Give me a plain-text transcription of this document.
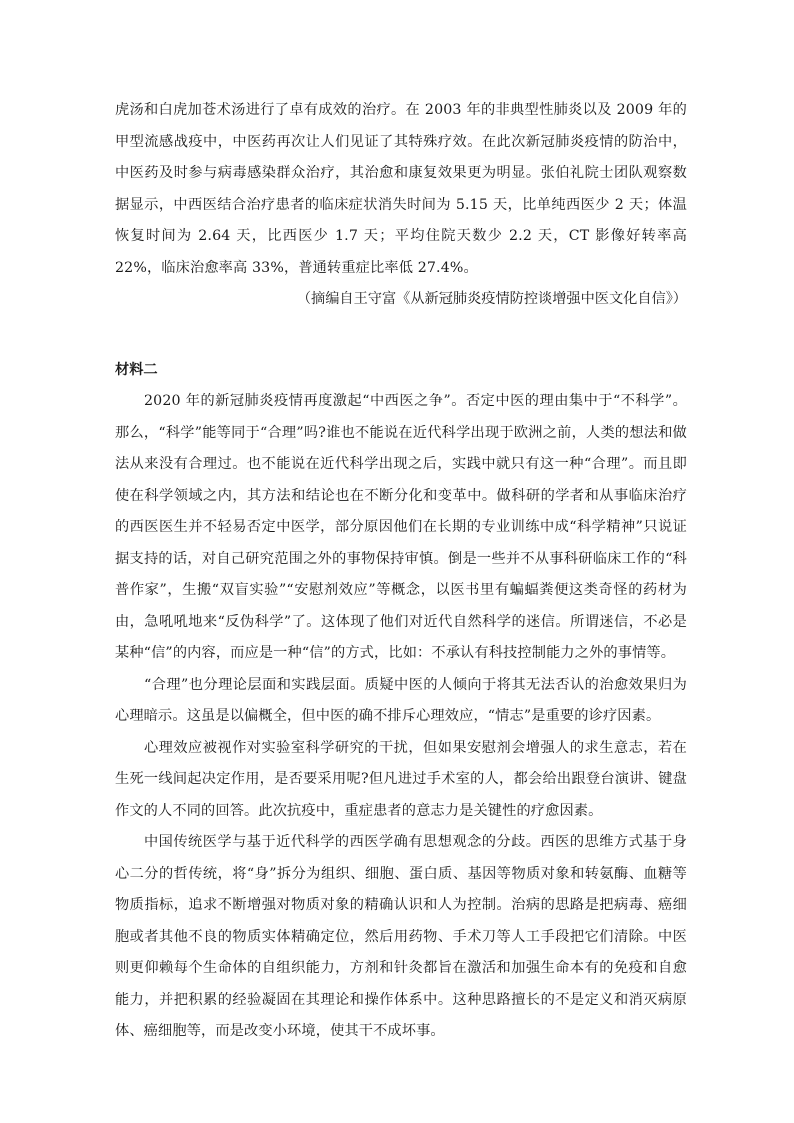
虎汤和白虎加苍术汤进行了卓有成效的治疗。在 2003 年的非典型性肺炎以及 2009 年的甲型流感战疫中，中医药再次让人们见证了其特殊疗效。在此次新冠肺炎疫情的防治中，中医药及时参与病毒感染群众治疗，其治愈和康复效果更为明显。张伯礼院士团队观察数据显示，中西医结合治疗患者的临床症状消失时间为 5.15 天，比单纯西医少 2 天；体温恢复时间为 2.64 天，比西医少 1.7 天；平均住院天数少 2.2 天，CT 影像好转率高 22%，临床治愈率高 33%，普通转重症比率低 27.4%。

（摘编自王守富《从新冠肺炎疫情防控谈增强中医文化自信》）

材料二

2020 年的新冠肺炎疫情再度激起“中西医之争”。否定中医的理由集中于“不科学”。那么，“科学”能等同于“合理”吗?谁也不能说在近代科学出现于欧洲之前，人类的想法和做法从来没有合理过。也不能说在近代科学出现之后，实践中就只有这一种“合理”。而且即使在科学领域之内，其方法和结论也在不断分化和变革中。做科研的学者和从事临床治疗的西医医生并不轻易否定中医学，部分原因他们在长期的专业训练中成“科学精神”只说证据支持的话，对自己研究范围之外的事物保持审慎。倒是一些并不从事科研临床工作的“科普作家”，生搬“双盲实验”“安慰剂效应”等概念，以医书里有蝙蝠粪便这类奇怪的药材为由，急吼吼地来“反伪科学”了。这体现了他们对近代自然科学的迷信。所谓迷信，不必是某种“信”的内容，而应是一种“信”的方式，比如：不承认有科技控制能力之外的事情等。

“合理”也分理论层面和实践层面。质疑中医的人倾向于将其无法否认的治愈效果归为心理暗示。这虽是以偏概全，但中医的确不排斥心理效应，“情志”是重要的诊疗因素。

心理效应被视作对实验室科学研究的干扰，但如果安慰剂会增强人的求生意志，若在生死一线间起决定作用，是否要采用呢?但凡进过手术室的人，都会给出跟登台演讲、键盘作文的人不同的回答。此次抗疫中，重症患者的意志力是关键性的疗愈因素。

中国传统医学与基于近代科学的西医学确有思想观念的分歧。西医的思维方式基于身心二分的哲传统，将“身”拆分为组织、细胞、蛋白质、基因等物质对象和转氨酶、血糖等物质指标，追求不断增强对物质对象的精确认识和人为控制。治病的思路是把病毒、癌细胞或者其他不良的物质实体精确定位，然后用药物、手术刀等人工手段把它们清除。中医则更仰赖每个生命体的自组织能力，方剂和针灸都旨在激活和加强生命本有的免疫和自愈能力，并把积累的经验凝固在其理论和操作体系中。这种思路擅长的不是定义和消灭病原体、癌细胞等，而是改变小环境，使其干不成坏事。
